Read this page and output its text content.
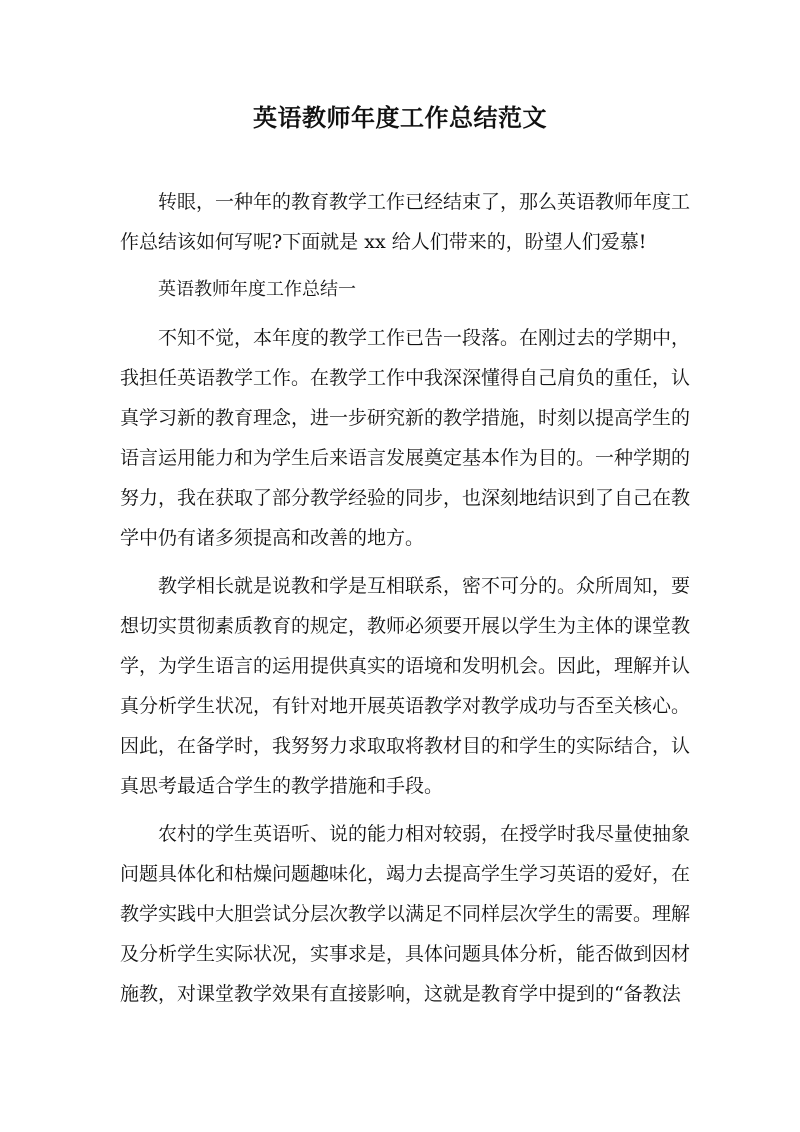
英语教师年度工作总结范文

转眼，一种年的教育教学工作已经结束了，那么英语教师年度工
作总结该如何写呢?下面就是 xx 给人们带来的，盼望人们爱慕!

英语教师年度工作总结一

不知不觉，本年度的教学工作已告一段落。在刚过去的学期中，
我担任英语教学工作。在教学工作中我深深懂得自己肩负的重任，认
真学习新的教育理念，进一步研究新的教学措施，时刻以提高学生的
语言运用能力和为学生后来语言发展奠定基本作为目的。一种学期的
努力，我在获取了部分教学经验的同步，也深刻地结识到了自己在教
学中仍有诸多须提高和改善的地方。

教学相长就是说教和学是互相联系，密不可分的。众所周知，要
想切实贯彻素质教育的规定，教师必须要开展以学生为主体的课堂教
学，为学生语言的运用提供真实的语境和发明机会。因此，理解并认
真分析学生状况，有针对地开展英语教学对教学成功与否至关核心。
因此，在备学时，我努努力求取取将教材目的和学生的实际结合，认
真思考最适合学生的教学措施和手段。

农村的学生英语听、说的能力相对较弱，在授学时我尽量使抽象
问题具体化和枯燥问题趣味化，竭力去提高学生学习英语的爱好，在
教学实践中大胆尝试分层次教学以满足不同样层次学生的需要。理解
及分析学生实际状况，实事求是，具体问题具体分析，能否做到因材
施教，对课堂教学效果有直接影响，这就是教育学中提到的“备教法
